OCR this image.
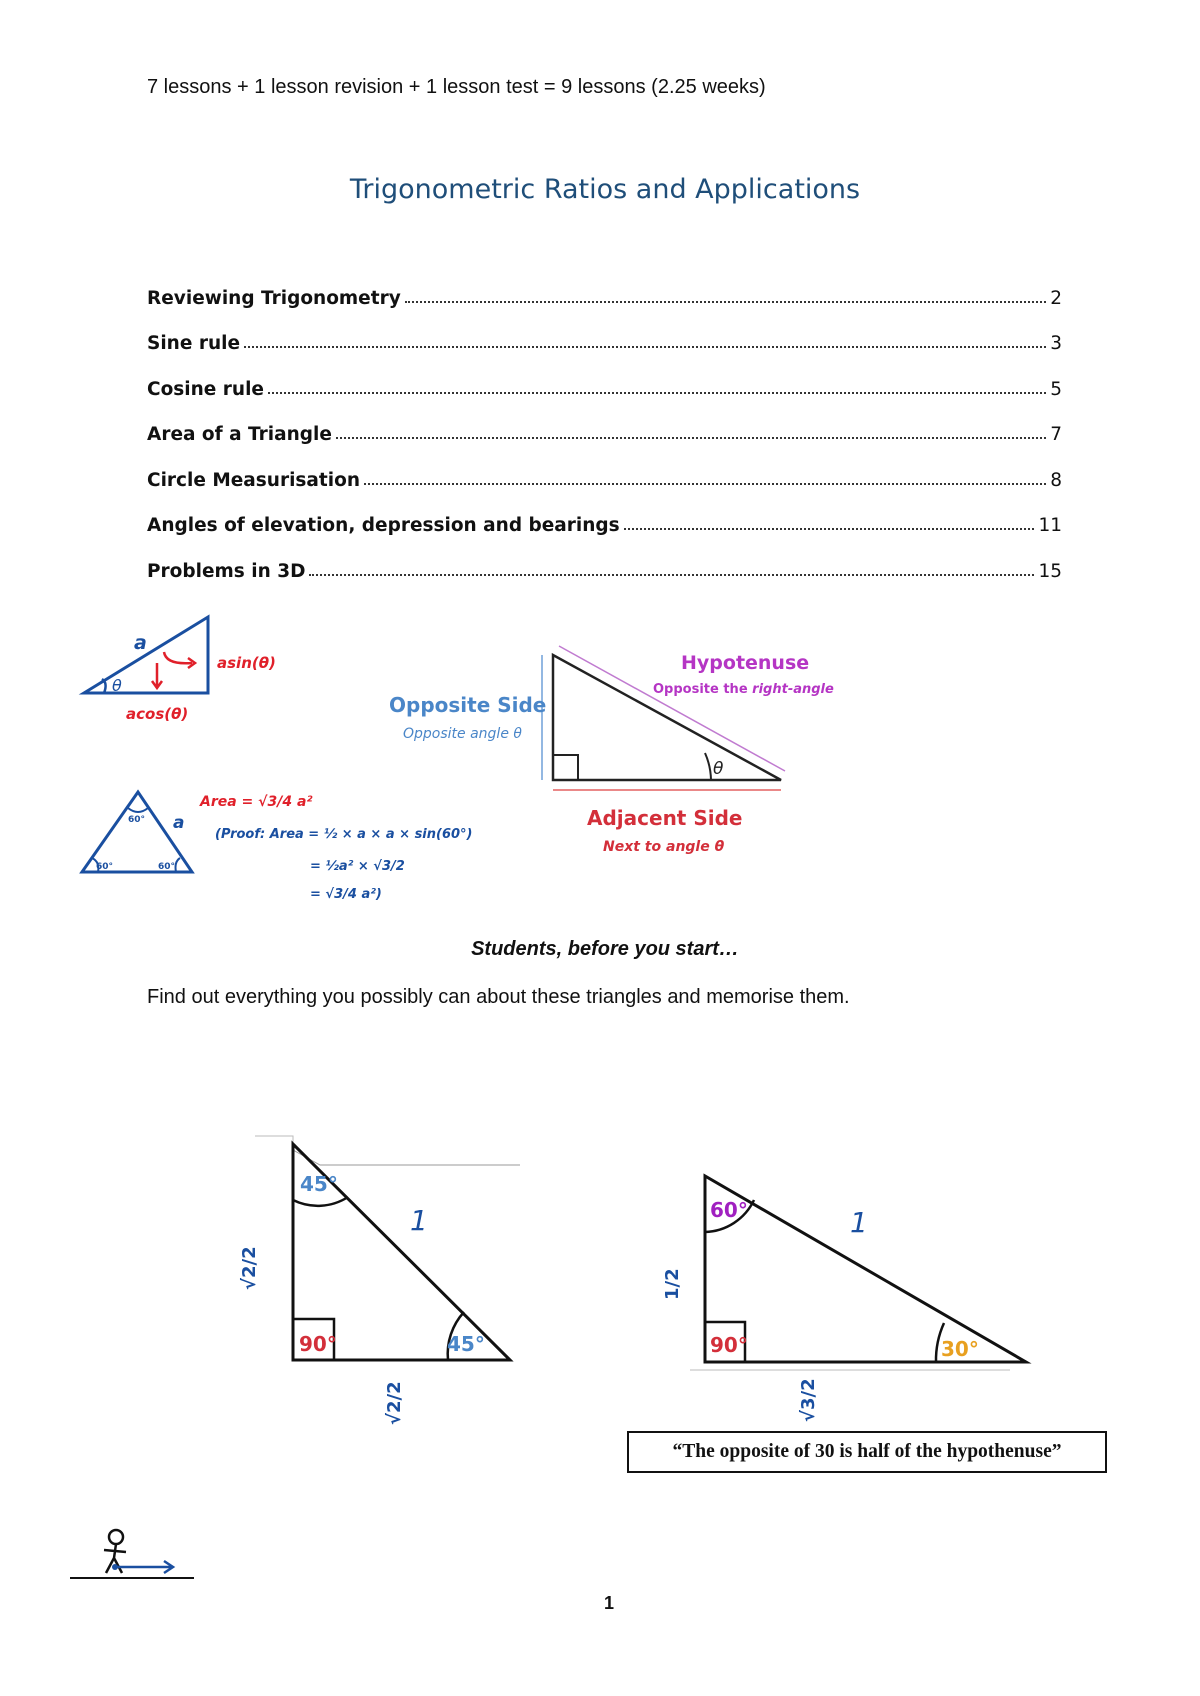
7 lessons + 1 lesson revision + 1 lesson test = 9 lessons (2.25 weeks)
Trigonometric Ratios and Applications
Reviewing Trigonometry	2
Sine rule	3
Cosine rule	5
Area of a Triangle	7
Circle Measurisation	8
Angles of elevation, depression and bearings	11
Problems in 3D	15
θ
a
asin(θ)
acos(θ)
60°
60°	60°
a
Area = √3/4 a²
(Proof: Area = ½ × a × a × sin(60°)
= ½a² × √3/2
= √3/4 a²)
θ
Hypotenuse
Opposite the right-angle
Opposite Side
Opposite angle θ
Adjacent Side
Next to angle θ
Students, before you start…
Find out everything you possibly can about these triangles and memorise them.
45°
90°	45°
1
√2/2
√2/2
60°
90°	30°
1
1/2
√3/2
“The opposite of 30 is half of the hypothenuse”
1
